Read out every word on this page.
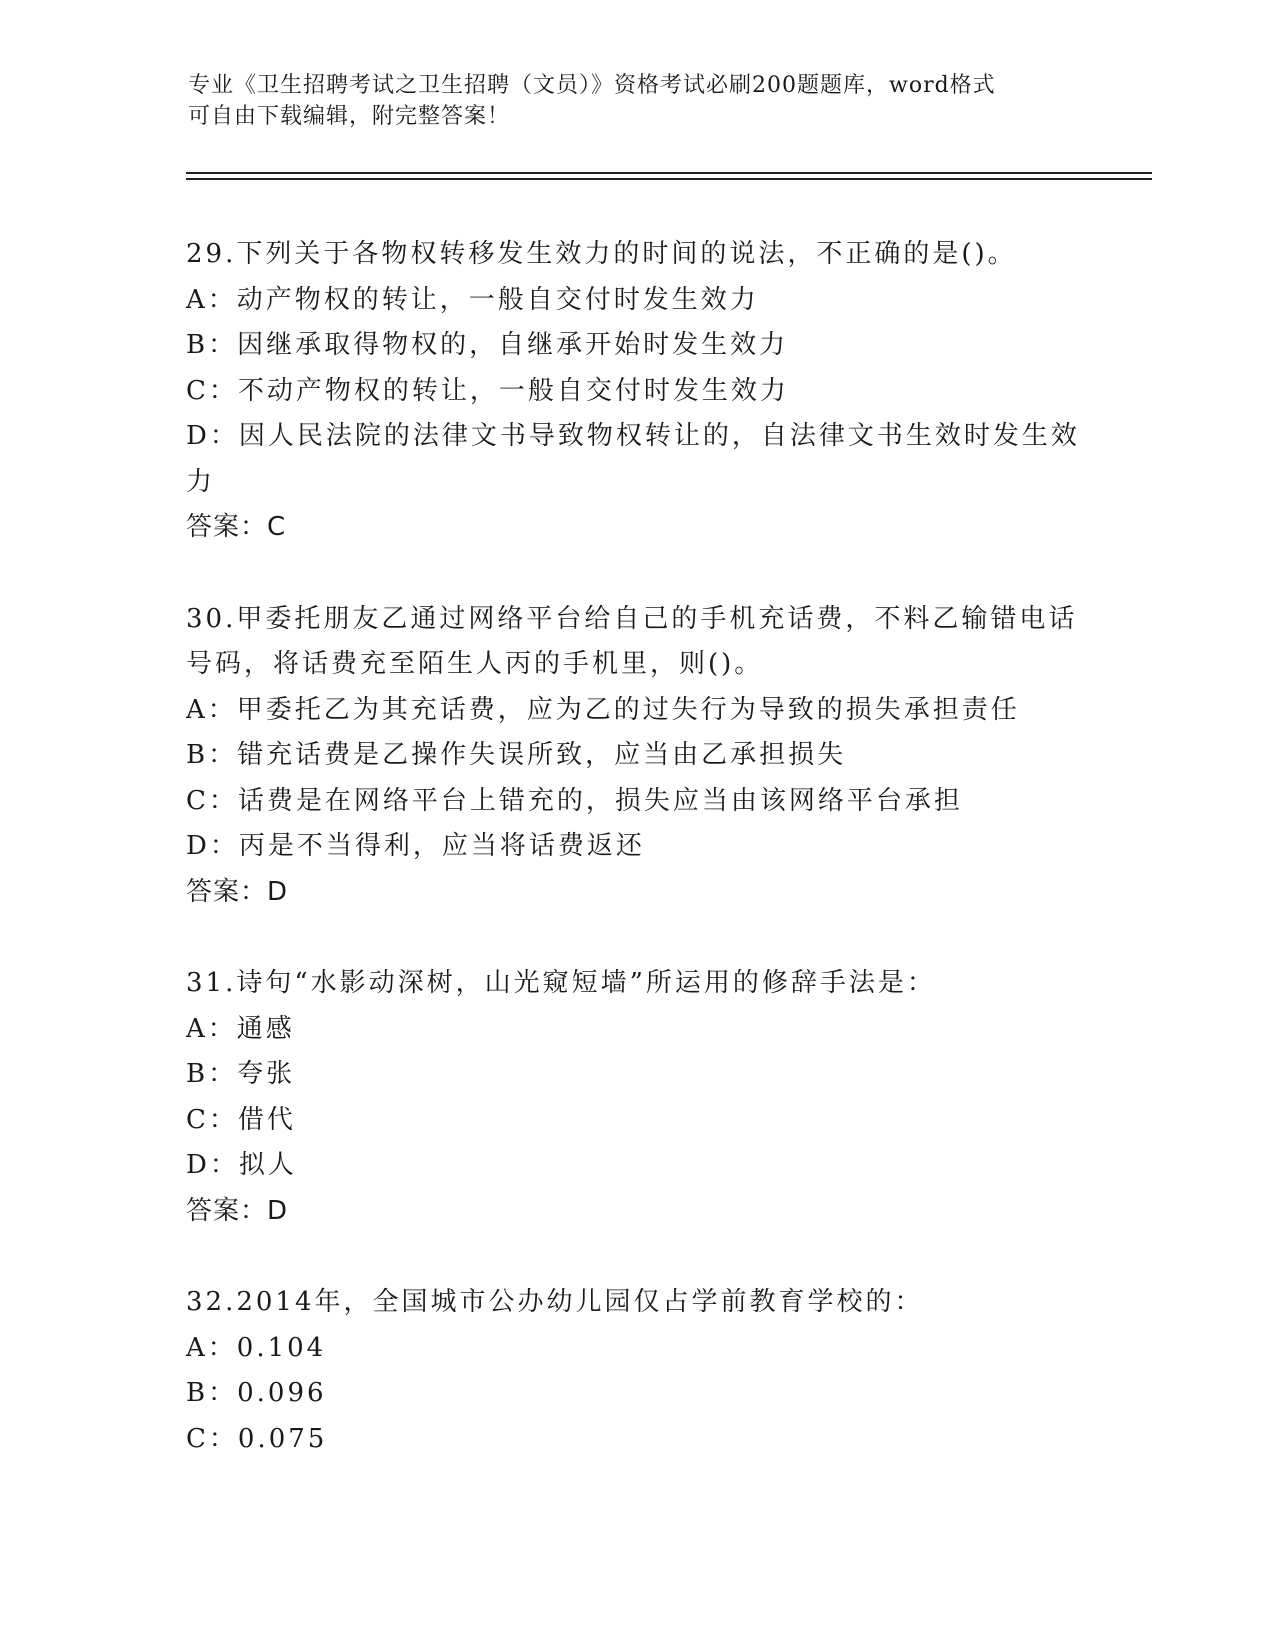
专业《卫生招聘考试之卫生招聘（文员）》资格考试必刷200题题库，word格式
可自由下载编辑，附完整答案！
29.下列关于各物权转移发生效力的时间的说法，不正确的是()。
A：动产物权的转让，一般自交付时发生效力
B：因继承取得物权的，自继承开始时发生效力
C：不动产物权的转让，一般自交付时发生效力
D：因人民法院的法律文书导致物权转让的，自法律文书生效时发生效
力
答案：C
30.甲委托朋友乙通过网络平台给自己的手机充话费，不料乙输错电话
号码，将话费充至陌生人丙的手机里，则()。
A：甲委托乙为其充话费，应为乙的过失行为导致的损失承担责任
B：错充话费是乙操作失误所致，应当由乙承担损失
C：话费是在网络平台上错充的，损失应当由该网络平台承担
D：丙是不当得利，应当将话费返还
答案：D
31.诗句“水影动深树，山光窥短墙”所运用的修辞手法是：
A：通感
B：夸张
C：借代
D：拟人
答案：D
32.2014年，全国城市公办幼儿园仅占学前教育学校的：
A：0.104
B：0.096
C：0.075
